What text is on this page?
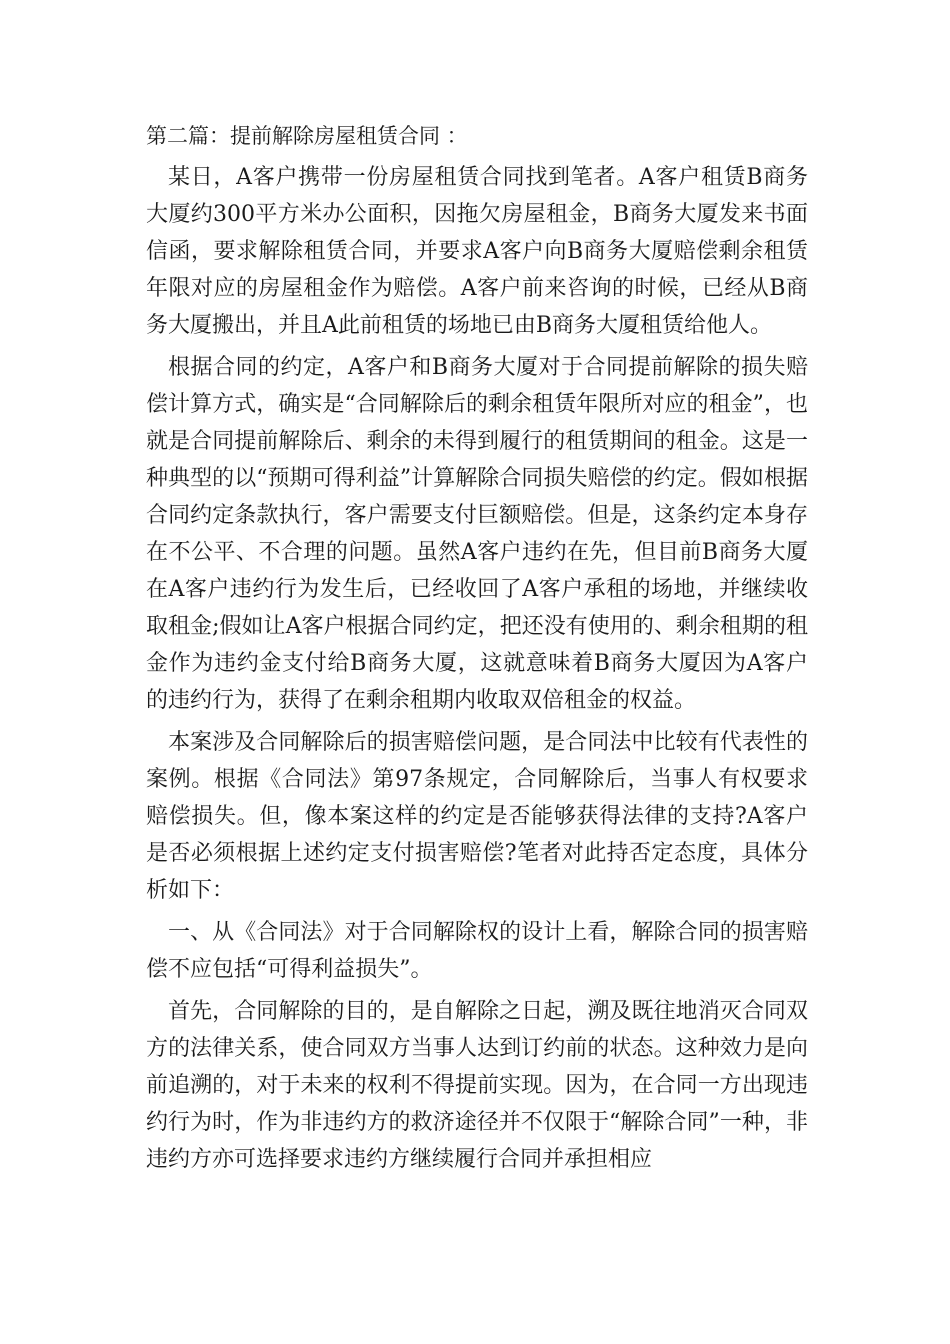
第二篇：提前解除房屋租赁合同 ：

某日，A客户携带一份房屋租赁合同找到笔者。A客户租赁B商务大厦约300平方米办公面积，因拖欠房屋租金，B商务大厦发来书面信函，要求解除租赁合同，并要求A客户向B商务大厦赔偿剩余租赁年限对应的房屋租金作为赔偿。A客户前来咨询的时候，已经从B商务大厦搬出，并且A此前租赁的场地已由B商务大厦租赁给他人。

根据合同的约定，A客户和B商务大厦对于合同提前解除的损失赔偿计算方式，确实是“合同解除后的剩余租赁年限所对应的租金”，也就是合同提前解除后、剩余的未得到履行的租赁期间的租金。这是一种典型的以“预期可得利益”计算解除合同损失赔偿的约定。假如根据合同约定条款执行，客户需要支付巨额赔偿。但是，这条约定本身存在不公平、不合理的问题。虽然A客户违约在先，但目前B商务大厦在A客户违约行为发生后，已经收回了A客户承租的场地，并继续收取租金;假如让A客户根据合同约定，把还没有使用的、剩余租期的租金作为违约金支付给B商务大厦，这就意味着B商务大厦因为A客户的违约行为，获得了在剩余租期内收取双倍租金的权益。

本案涉及合同解除后的损害赔偿问题，是合同法中比较有代表性的案例。根据《合同法》第97条规定，合同解除后，当事人有权要求赔偿损失。但，像本案这样的约定是否能够获得法律的支持?A客户是否必须根据上述约定支付损害赔偿?笔者对此持否定态度，具体分析如下：

一、从《合同法》对于合同解除权的设计上看，解除合同的损害赔偿不应包括“可得利益损失”。

首先，合同解除的目的，是自解除之日起，溯及既往地消灭合同双方的法律关系，使合同双方当事人达到订约前的状态。这种效力是向前追溯的，对于未来的权利不得提前实现。因为，在合同一方出现违约行为时，作为非违约方的救济途径并不仅限于“解除合同”一种，非违约方亦可选择要求违约方继续履行合同并承担相应
